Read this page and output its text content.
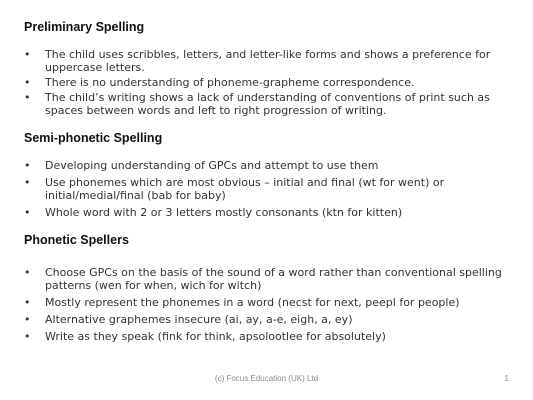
Preliminary Spelling
• The child uses scribbles, letters, and letter-like forms and shows a preference for uppercase letters.
• There is no understanding of phoneme-grapheme correspondence.
• The child’s writing shows a lack of understanding of conventions of print such as spaces between words and left to right progression of writing.
Semi-phonetic Spelling
• Developing understanding of GPCs and attempt to use them
• Use phonemes which are most obvious – initial and final (wt for went) or initial/medial/final (bab for baby)
• Whole word with 2 or 3 letters mostly consonants (ktn for kitten)
Phonetic Spellers
• Choose GPCs on the basis of the sound of a word rather than conventional spelling patterns (wen for when, wich for witch)
• Mostly represent the phonemes in a word (necst for next, peepl for people)
• Alternative graphemes insecure (ai, ay, a-e, eigh, a, ey)
• Write as they speak (fink for think, apsolootlee for absolutely)
(c) Focus Education (UK) Ltd	1
